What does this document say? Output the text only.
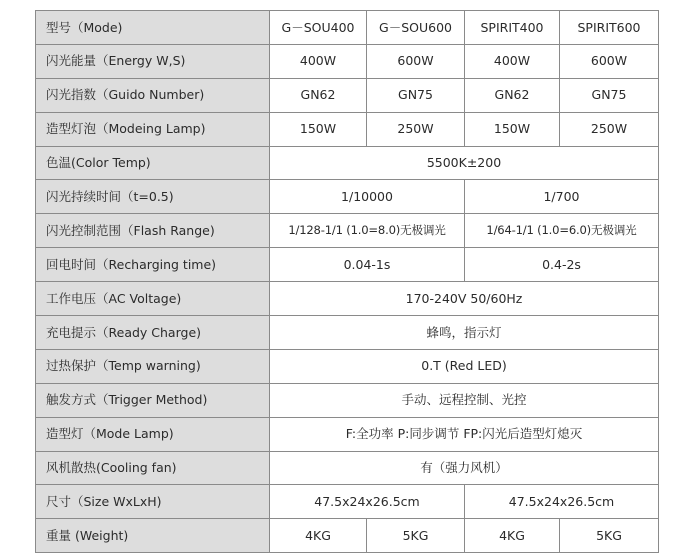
型号（Mode)	G－SOU400	G－SOU600	SPIRIT400	SPIRIT600
闪光能量（Energy W,S)	400W	600W	400W	600W
闪光指数（Guido Number)	GN62	GN75	GN62	GN75
造型灯泡（Modeing Lamp)	150W	250W	150W	250W
色温(Color Temp)	5500K±200			
闪光持续时间（t=0.5)	1/10000		1/700	
闪光控制范围（Flash Range)	1/128-1/1 (1.0=8.0)无极调光		1/64-1/1 (1.0=6.0)无极调光	
回电时间（Recharging time)	0.04-1s		0.4-2s	
工作电压（AC Voltage)	170-240V 50/60Hz			
充电提示（Ready Charge)	蜂鸣，指示灯			
过热保护（Temp warning)	0.T (Red LED)			
触发方式（Trigger Method)	手动、远程控制、光控			
造型灯（Mode Lamp)	F:全功率 P:同步调节 FP:闪光后造型灯熄灭			
风机散热(Cooling fan)	有（强力风机）			
尺寸（Size WxLxH)	47.5x24x26.5cm		47.5x24x26.5cm	
重量 (Weight)	4KG	5KG	4KG	5KG
